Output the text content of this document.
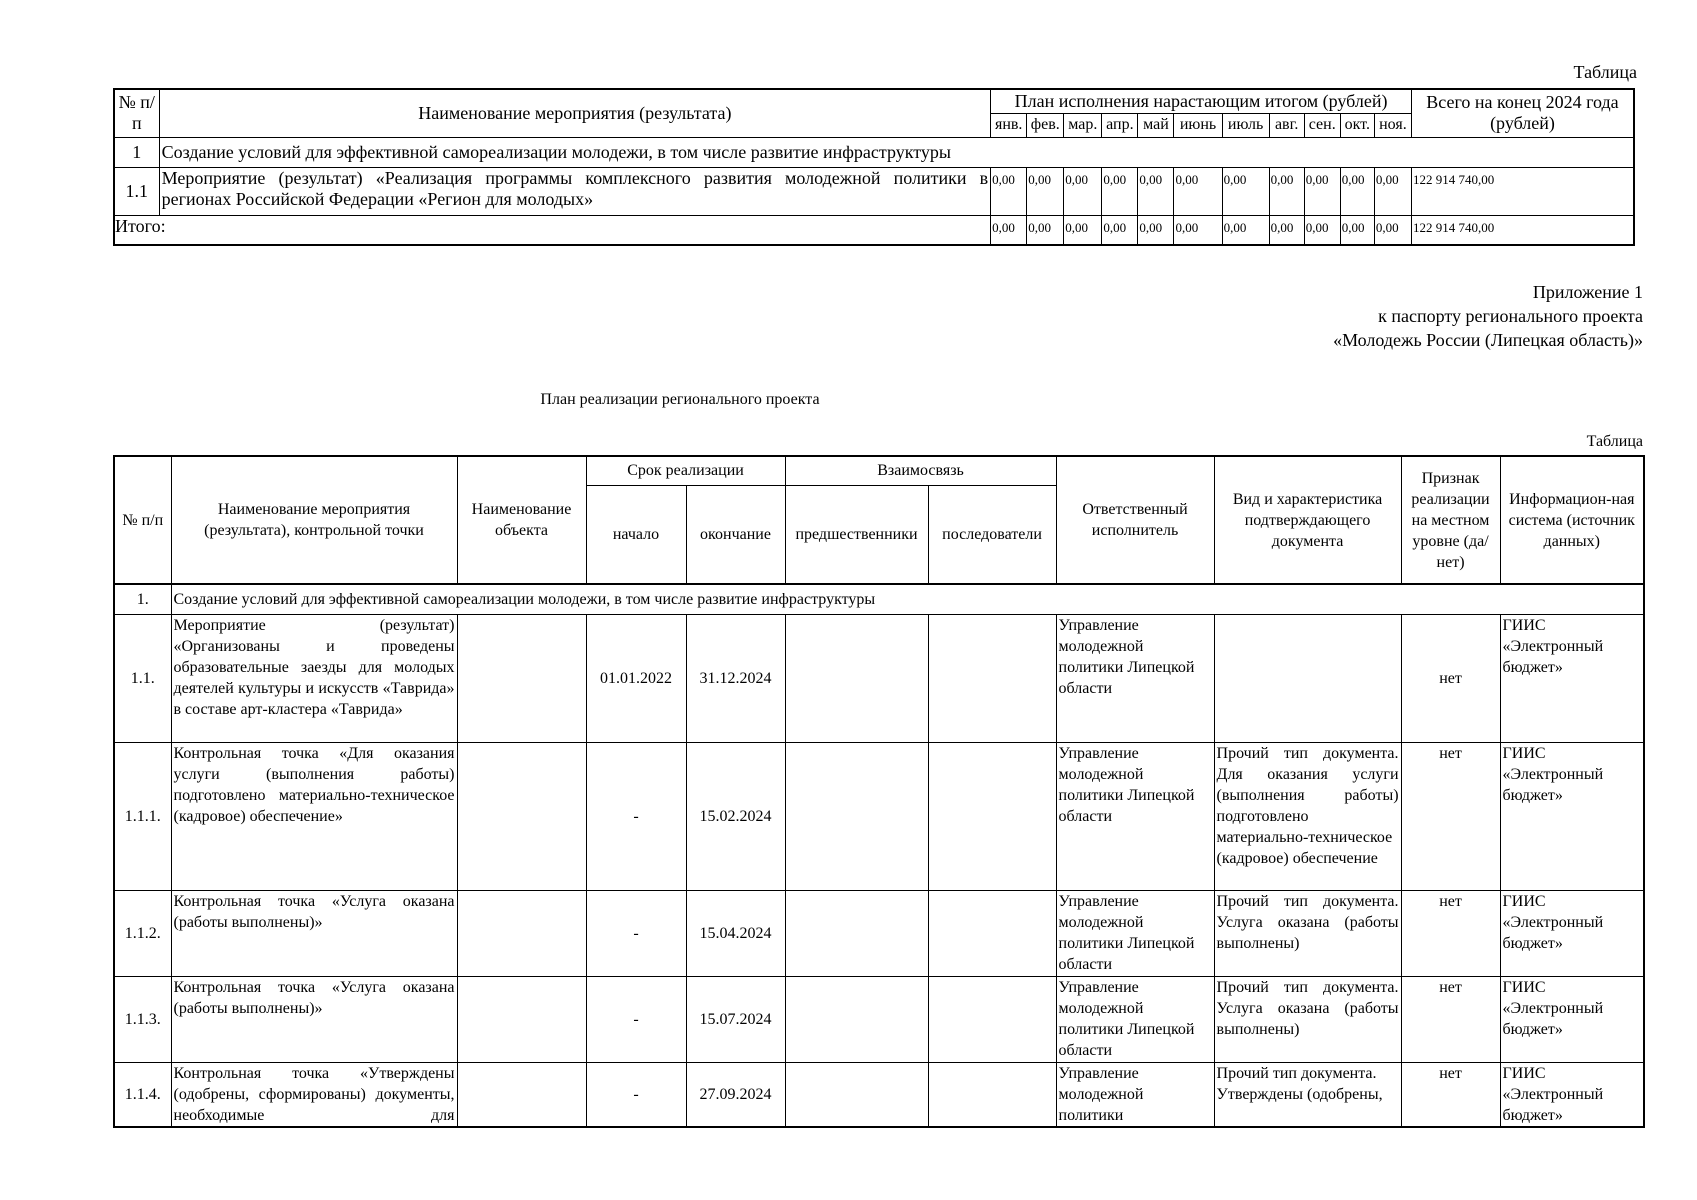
Таблица
№ п/п	Наименование мероприятия (результата)	План исполнения нарастающим итогом (рублей)											Всего на конец 2024 года (рублей)
		янв.	фев.	мар.	апр.	май	июнь	июль	авг.	сен.	окт.	ноя.	
1	Создание условий для эффективной самореализации молодежи, в том числе развитие инфраструктуры												
1.1	Мероприятие (результат) «Реализация программы комплексного развития молодежной политики в регионах Российской Федерации «Регион для молодых»	0,00	0,00	0,00	0,00	0,00	0,00	0,00	0,00	0,00	0,00	0,00	122 914 740,00
Итого:		0,00	0,00	0,00	0,00	0,00	0,00	0,00	0,00	0,00	0,00	0,00	122 914 740,00
Приложение 1
к паспорту регионального проекта
«Молодежь России (Липецкая область)»
План реализации регионального проекта
Таблица
№ п/п	Наименование мероприятия (результата), контрольной точки	Наименование объекта	Срок реализации		Взаимосвязь		Ответственный исполнитель	Вид и характеристика подтверждающего документа	Признак реализации на местном уровне (да/нет)	Информацион-ная система (источник данных)
			начало	окончание	предшественники	последователи				
1.	Создание условий для эффективной самореализации молодежи, в том числе развитие инфраструктуры									
1.1.	Мероприятие (результат) «Организованы и проведены образовательные заезды для молодых деятелей культуры и искусств «Таврида» в составе арт-кластера «Таврида»		01.01.2022	31.12.2024			Управление молодежной политики Липецкой области		нет	ГИИС «Электронный бюджет»
1.1.1.	Контрольная точка «Для оказания услуги (выполнения работы) подготовлено материально-техническое (кадровое) обеспечение»		-	15.02.2024			Управление молодежной политики Липецкой области	Прочий тип документа. Для оказания услуги (выполнения работы) подготовлено материально-техническое (кадровое) обеспечение	нет	ГИИС «Электронный бюджет»
1.1.2.	Контрольная точка «Услуга оказана (работы выполнены)»		-	15.04.2024			Управление молодежной политики Липецкой области	Прочий тип документа. Услуга оказана (работы выполнены)	нет	ГИИС «Электронный бюджет»
1.1.3.	Контрольная точка «Услуга оказана (работы выполнены)»		-	15.07.2024			Управление молодежной политики Липецкой области	Прочий тип документа. Услуга оказана (работы выполнены)	нет	ГИИС «Электронный бюджет»
1.1.4.	Контрольная точка «Утверждены (одобрены, сформированы) документы, необходимые для		-	27.09.2024			Управление молодежной политики	Прочий тип документа. Утверждены (одобрены,	нет	ГИИС «Электронный бюджет»
